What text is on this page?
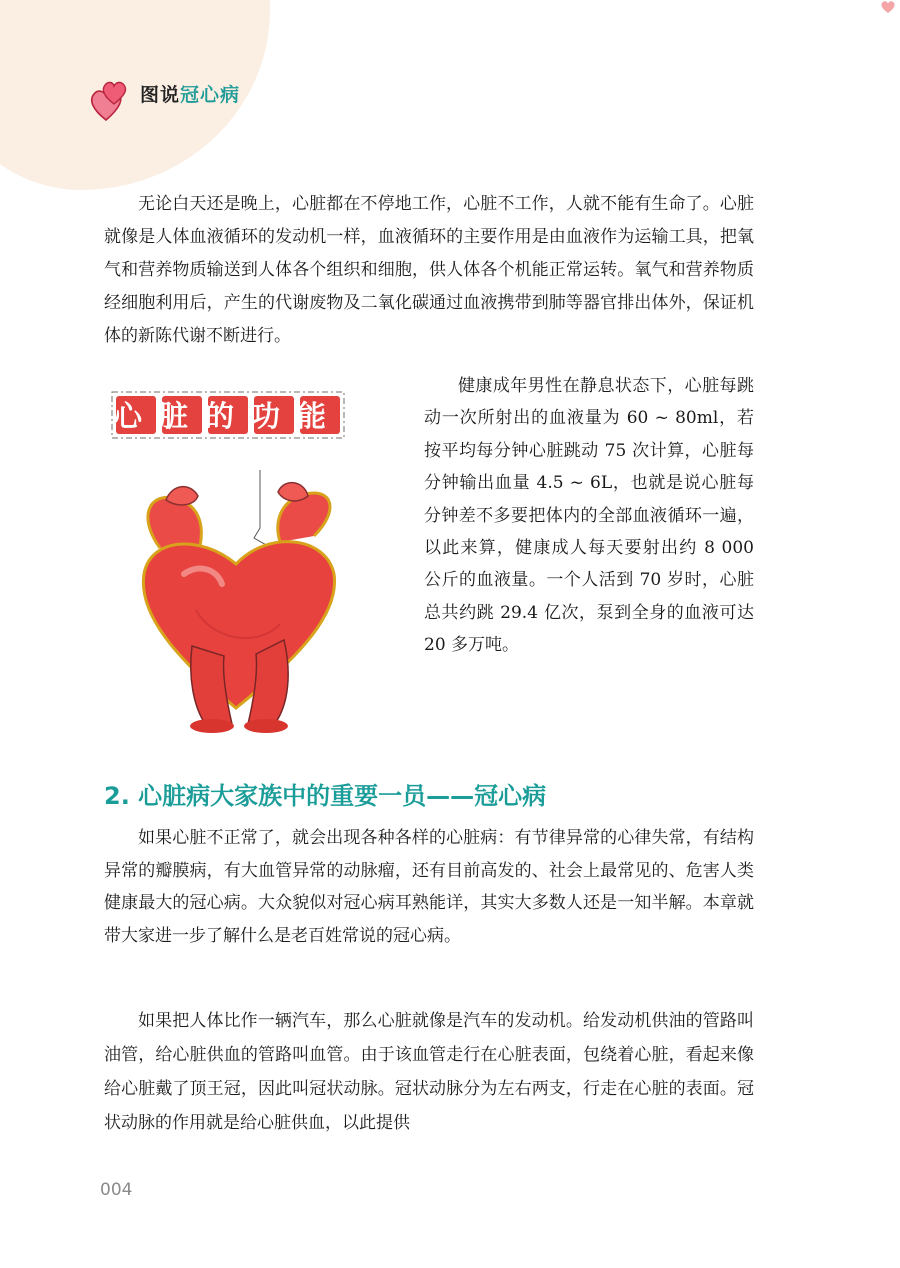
图说冠心病

无论白天还是晚上，心脏都在不停地工作，心脏不工作，人就不能有生命了。心脏就像是人体血液循环的发动机一样，血液循环的主要作用是由血液作为运输工具，把氧气和营养物质输送到人体各个组织和细胞，供人体各个机能正常运转。氧气和营养物质经细胞利用后，产生的代谢废物及二氧化碳通过血液携带到肺等器官排出体外，保证机体的新陈代谢不断进行。

心脏的功能

健康成年男性在静息状态下，心脏每跳动一次所射出的血液量为 60 ~ 80ml，若按平均每分钟心脏跳动 75 次计算，心脏每分钟输出血量 4.5 ~ 6L，也就是说心脏每分钟差不多要把体内的全部血液循环一遍，以此来算，健康成人每天要射出约 8 000 公斤的血液量。一个人活到 70 岁时，心脏总共约跳 29.4 亿次，泵到全身的血液可达 20 多万吨。

2. 心脏病大家族中的重要一员——冠心病

如果心脏不正常了，就会出现各种各样的心脏病：有节律异常的心律失常，有结构异常的瓣膜病，有大血管异常的动脉瘤，还有目前高发的、社会上最常见的、危害人类健康最大的冠心病。大众貌似对冠心病耳熟能详，其实大多数人还是一知半解。本章就带大家进一步了解什么是老百姓常说的冠心病。

如果把人体比作一辆汽车，那么心脏就像是汽车的发动机。给发动机供油的管路叫油管，给心脏供血的管路叫血管。由于该血管走行在心脏表面，包绕着心脏，看起来像给心脏戴了顶王冠，因此叫冠状动脉。冠状动脉分为左右两支，行走在心脏的表面。冠状动脉的作用就是给心脏供血，以此提供

004
